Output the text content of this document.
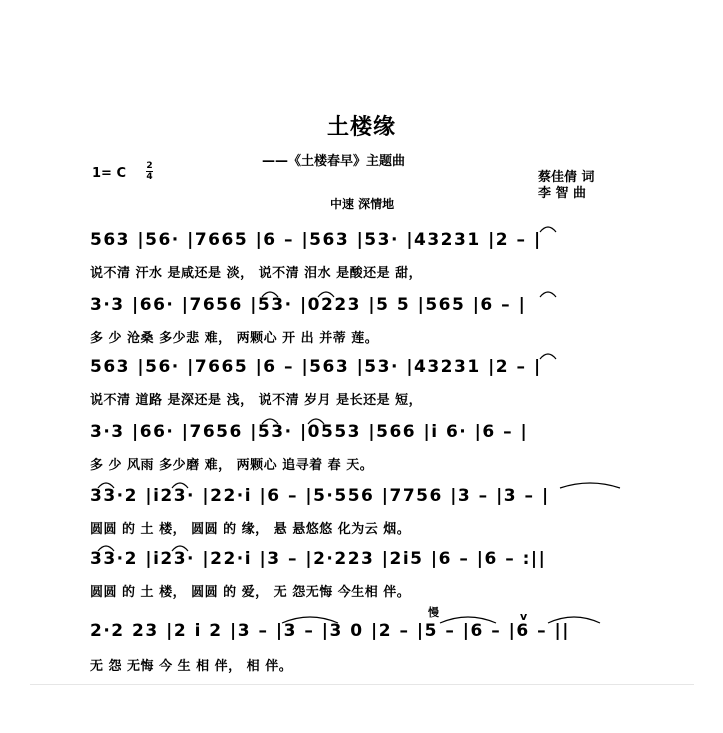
土楼缘
——《土楼春早》主题曲
1= C 2
4	蔡佳倩 词
李 智 曲
中速 深情地
563 |56· |7665 |6 – |563 |53· |43231 |2 – |
说不清 汗水 是咸还是 淡， 说不清 泪水 是酸还是 甜，
3·3 |66· |7656 |53· |0223 |5 5 |565 |6 – |
多 少 沧桑 多少悲 难， 两颗心 开 出 并蒂 莲。
563 |56· |7665 |6 – |563 |53· |43231 |2 – |
说不清 道路 是深还是 浅， 说不清 岁月 是长还是 短，
3·3 |66· |7656 |53· |0553 |566 |i 6· |6 – |
多 少 风雨 多少磨 难， 两颗心 追寻着 春 天。
33·2 |i23· |22·i |6 – |5·556 |7756 |3 – |3 – |
圆圆 的 土 楼， 圆圆 的 缘， 悬 悬悠悠 化为云 烟。
33·2 |i23· |22·i |3 – |2·223 |2i5 |6 – |6 – :||
圆圆 的 土 楼， 圆圆 的 爱， 无 怨无悔 今生相 伴。
2·2 23 |2 i 2 |3 – |3 – |3 0 |2 – |5 – |6 – |6 – ||
无 怨 无悔 今 生 相 伴， 相 伴。
慢	v
